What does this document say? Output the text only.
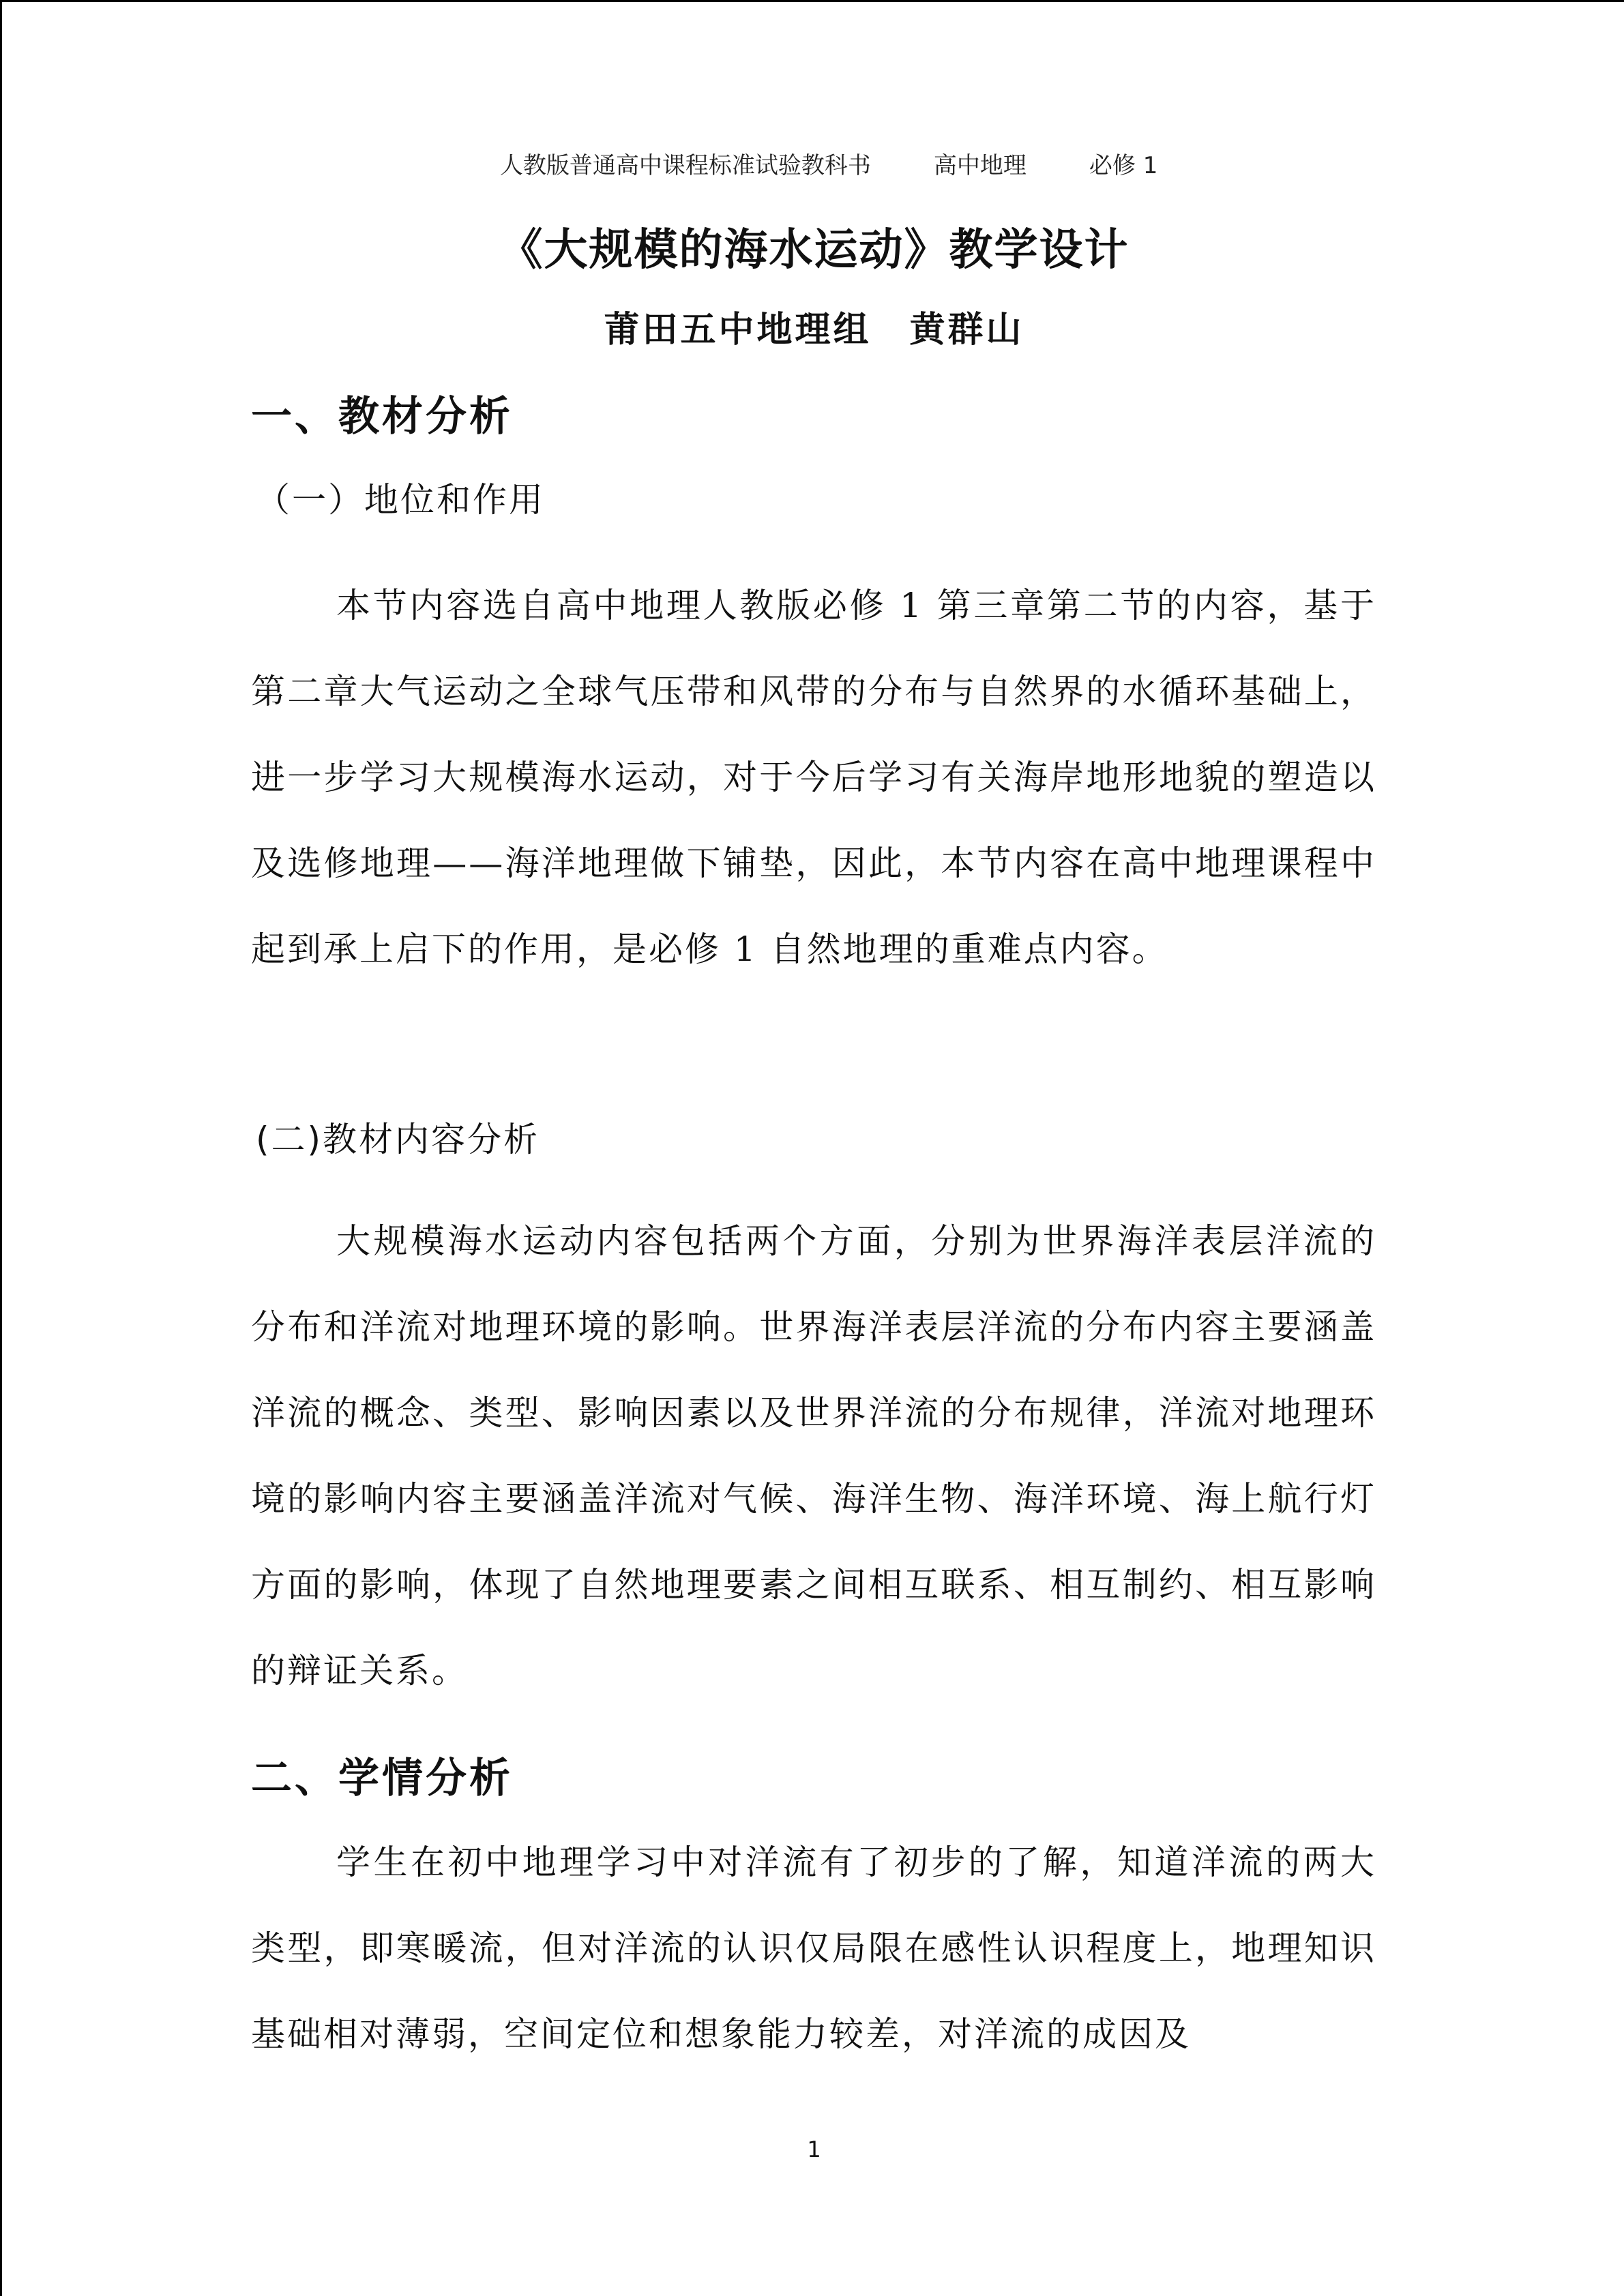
人教版普通高中课程标准试验教科书	高中地理	必修 1

《大规模的海水运动》教学设计
莆田五中地理组　黄群山
一、教材分析
（一）地位和作用
本节内容选自高中地理人教版必修 1 第三章第二节的内容，基于第二章大气运动之全球气压带和风带的分布与自然界的水循环基础上，进一步学习大规模海水运动，对于今后学习有关海岸地形地貌的塑造以及选修地理——海洋地理做下铺垫，因此，本节内容在高中地理课程中起到承上启下的作用，是必修 1 自然地理的重难点内容。
(二)教材内容分析
大规模海水运动内容包括两个方面，分别为世界海洋表层洋流的分布和洋流对地理环境的影响。世界海洋表层洋流的分布内容主要涵盖洋流的概念、类型、影响因素以及世界洋流的分布规律，洋流对地理环境的影响内容主要涵盖洋流对气候、海洋生物、海洋环境、海上航行灯方面的影响，体现了自然地理要素之间相互联系、相互制约、相互影响的辩证关系。
二、学情分析
学生在初中地理学习中对洋流有了初步的了解，知道洋流的两大类型，即寒暖流，但对洋流的认识仅局限在感性认识程度上，地理知识基础相对薄弱，空间定位和想象能力较差，对洋流的成因及
1
